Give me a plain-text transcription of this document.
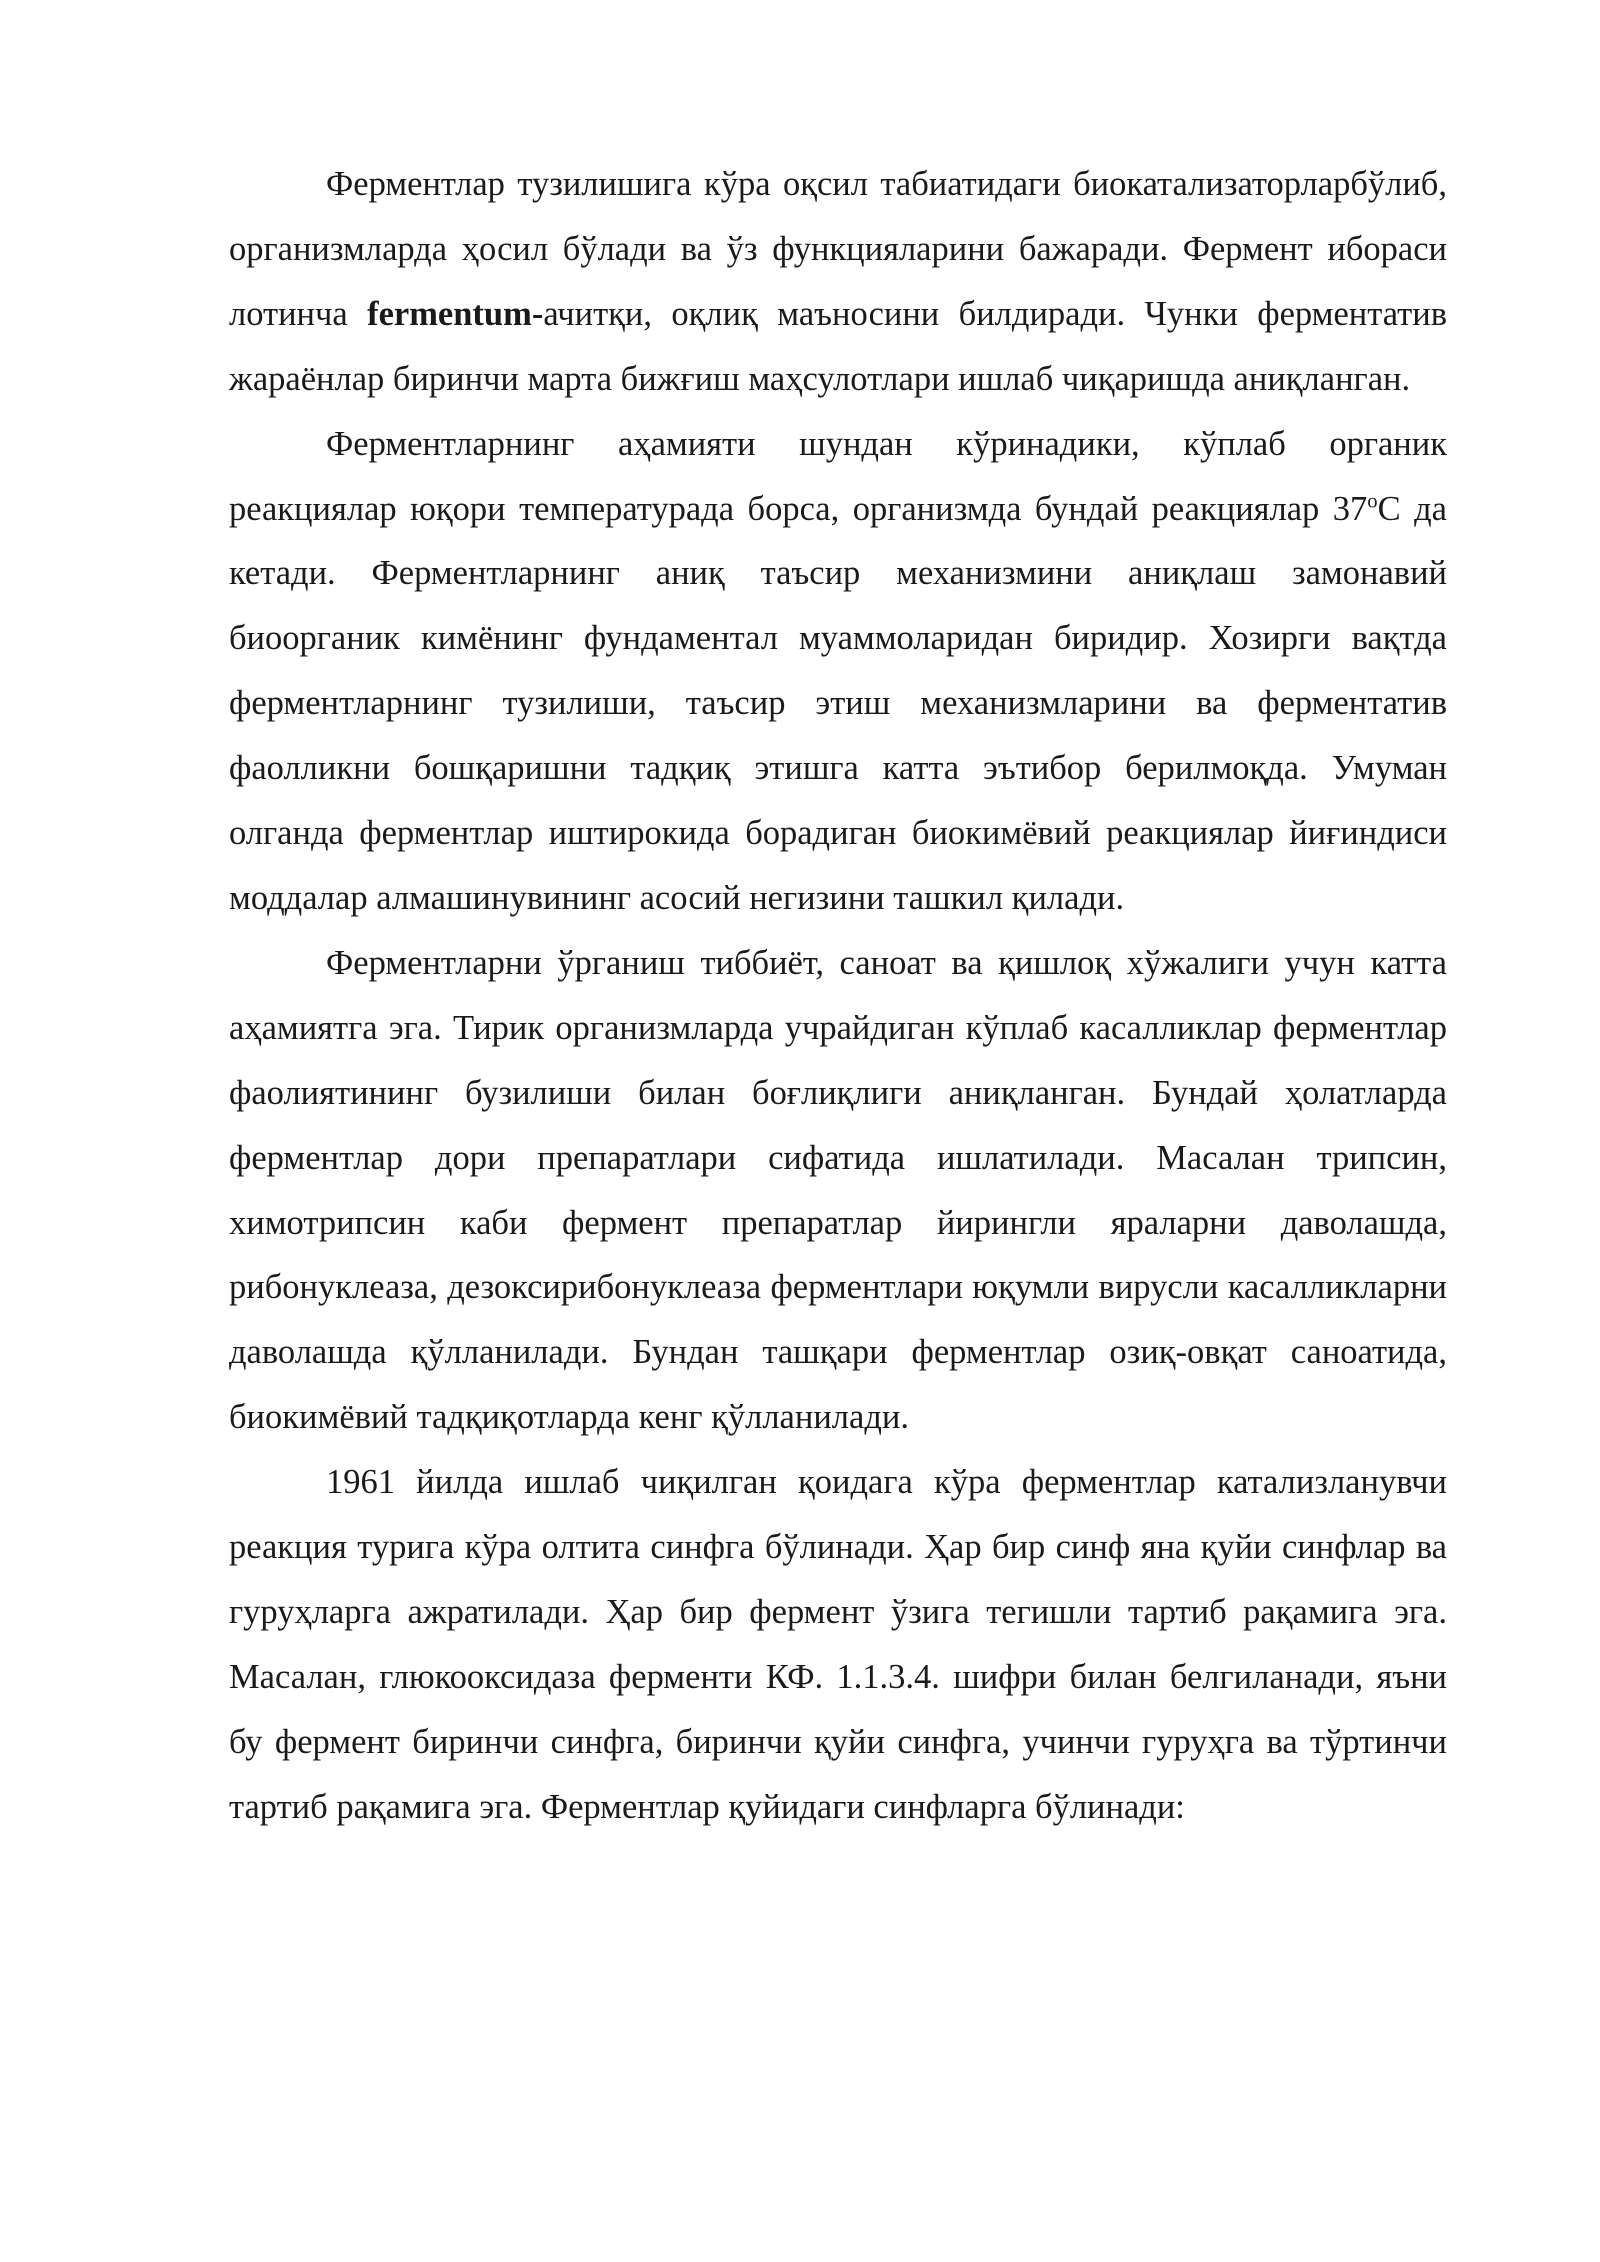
Ферментлар тузилишига кўра оқсил табиатидаги биокатализаторларбўлиб, организмларда ҳосил бўлади ва ўз функцияларини бажаради. Фермент ибораси лотинча fermentum-ачитқи, оқлиқ маъносини билдиради. Чунки ферментатив жараёнлар биринчи марта бижғиш маҳсулотлари ишлаб чиқаришда аниқланган.

Ферментларнинг аҳамияти шундан кўринадики, кўплаб органик реакциялар юқори температурада борса, организмда бундай реакциялар 37$^o$С да кетади. Ферментларнинг аниқ таъсир механизмини аниқлаш замонавий биоорганик кимёнинг фундаментал муаммоларидан биридир. Хозирги вақтда ферментларнинг тузилиши, таъсир этиш механизмларини ва ферментатив фаолликни бошқаришни тадқиқ этишга катта эътибор берилмоқда. Умуман олганда ферментлар иштирокида борадиган биокимёвий реакциялар йиғиндиси моддалар алмашинувининг асосий негизини ташкил қилади.

Ферментларни ўрганиш тиббиёт, саноат ва қишлоқ хўжалиги учун катта аҳамиятга эга. Тирик организмларда учрайдиган кўплаб касалликлар ферментлар фаолиятининг бузилиши билан боғлиқлиги аниқланган. Бундай ҳолатларда ферментлар дори препаратлари сифатида ишлатилади. Масалан трипсин, химотрипсин каби фермент препаратлар йирингли яраларни даволашда, рибонуклеаза, дезоксирибонуклеаза ферментлари юқумли вирусли касалликларни даволашда қўлланилади. Бундан ташқари ферментлар озиқ-овқат саноатида, биокимёвий тадқиқотларда кенг қўлланилади.

1961 йилда ишлаб чиқилган қоидага кўра ферментлар катализланувчи реакция турига кўра олтита синфга бўлинади. Ҳар бир синф яна қуйи синфлар ва гуруҳларга ажратилади. Ҳар бир фермент ўзига тегишли тартиб рақамига эга. Масалан, глюкооксидаза ферменти КФ. 1.1.3.4. шифри билан белгиланади, яъни бу фермент биринчи синфга, биринчи қуйи синфга, учинчи гуруҳга ва тўртинчи тартиб рақамига эга. Ферментлар қуйидаги синфларга бўлинади:
